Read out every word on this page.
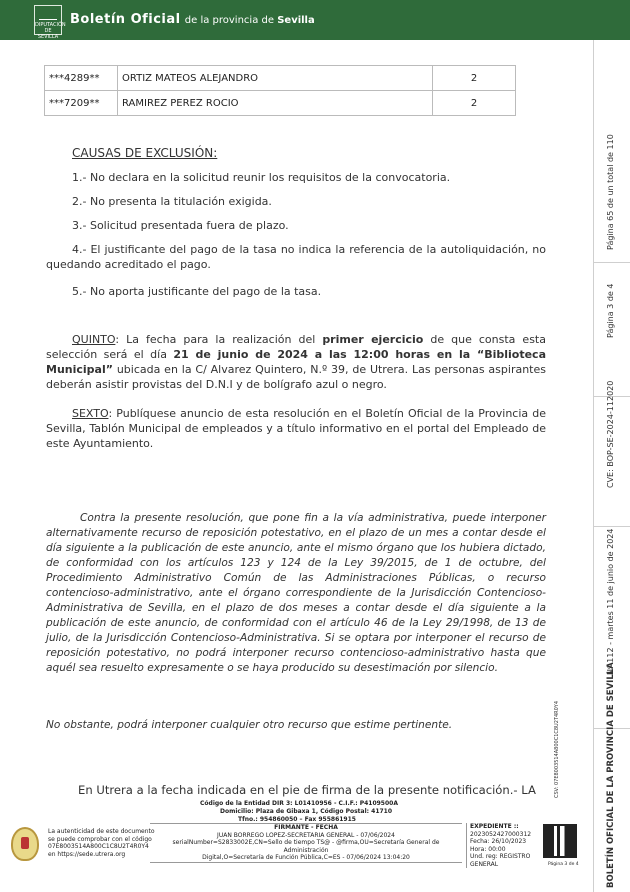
DIPUTACIÓN DE SEVILLA
Boletín Oficial de la provincia de Sevilla
***4289**	ORTIZ MATEOS ALEJANDRO	2
***7209**	RAMIREZ PEREZ ROCIO	2
CAUSAS DE EXCLUSIÓN:
1.- No declara en la solicitud reunir los requisitos de la convocatoria.
2.- No presenta la titulación exigida.
3.- Solicitud presentada fuera de plazo.
4.- El justificante del pago de la tasa no indica la referencia de la autoliquidación, no quedando acreditado el pago.
5.- No aporta justificante del pago de la tasa.
QUINTO: La fecha para la realización del primer ejercicio de que consta esta selección será el día 21 de junio de 2024 a las 12:00 horas en la “Biblioteca Municipal” ubicada en la C/ Alvarez Quintero, N.º 39, de Utrera. Las personas aspirantes deberán asistir provistas del D.N.I y de bolígrafo azul o negro.
SEXTO: Publíquese anuncio de esta resolución en el Boletín Oficial de la Provincia de Sevilla, Tablón Municipal de empleados y a título informativo en el portal del Empleado de este Ayuntamiento.
Contra la presente resolución, que pone fin a la vía administrativa, puede interponer alternativamente recurso de reposición potestativo, en el plazo de un mes a contar desde el día siguiente a la publicación de este anuncio, ante el mismo órgano que los hubiera dictado, de conformidad con los artículos 123 y 124 de la Ley 39/2015, de 1 de octubre, del Procedimiento Administrativo Común de las Administraciones Públicas, o recurso contencioso-administrativo, ante el órgano correspondiente de la Jurisdicción Contencioso-Administrativa de Sevilla, en el plazo de dos meses a contar desde el día siguiente a la publicación de este anuncio, de conformidad con el artículo 46 de la Ley 29/1998, de 13 de julio, de la Jurisdicción Contencioso-Administrativa. Si se optara por interponer el recurso de reposición potestativo, no podrá interponer recurso contencioso-administrativo hasta que aquél sea resuelto expresamente o se haya producido su desestimación por silencio.
No obstante, podrá interponer cualquier otro recurso que estime pertinente.
En Utrera a la fecha indicada en el pie de firma de la presente notificación.- LA
Código de la Entidad DIR 3: L01410956 - C.I.F.: P4109500A
Domicilio: Plaza de Gibaxa 1, Código Postal: 41710
Tfno.: 954860050 – Fax 955861915
La autenticidad de este documento
se puede comprobar con el código
07E8003514A800C1C8U2T4R0Y4
en https://sede.utrera.org
FIRMANTE - FECHA
JUAN BORREGO LOPEZ-SECRETARIA GENERAL - 07/06/2024
serialNumber=S2833002E,CN=Sello de tiempo TS@ - @firma,OU=Secretaría General de Administración
Digital,O=Secretaría de Función Pública,C=ES - 07/06/2024 13:04:20
EXPEDIENTE ::
2023052427000312
Fecha: 26/10/2023
Hora: 00:00
Und. reg: REGISTRO GENERAL	Página 3 de 4
CSV: 07E8003514A800C1C8U2T4R0Y4
Página 65 de un total de 110
Página 3 de 4
CVE: BOP-SE-2024-112020
Nº 112 - martes 11 de junio de 2024
BOLETÍN OFICIAL DE LA PROVINCIA DE SEVILLA
